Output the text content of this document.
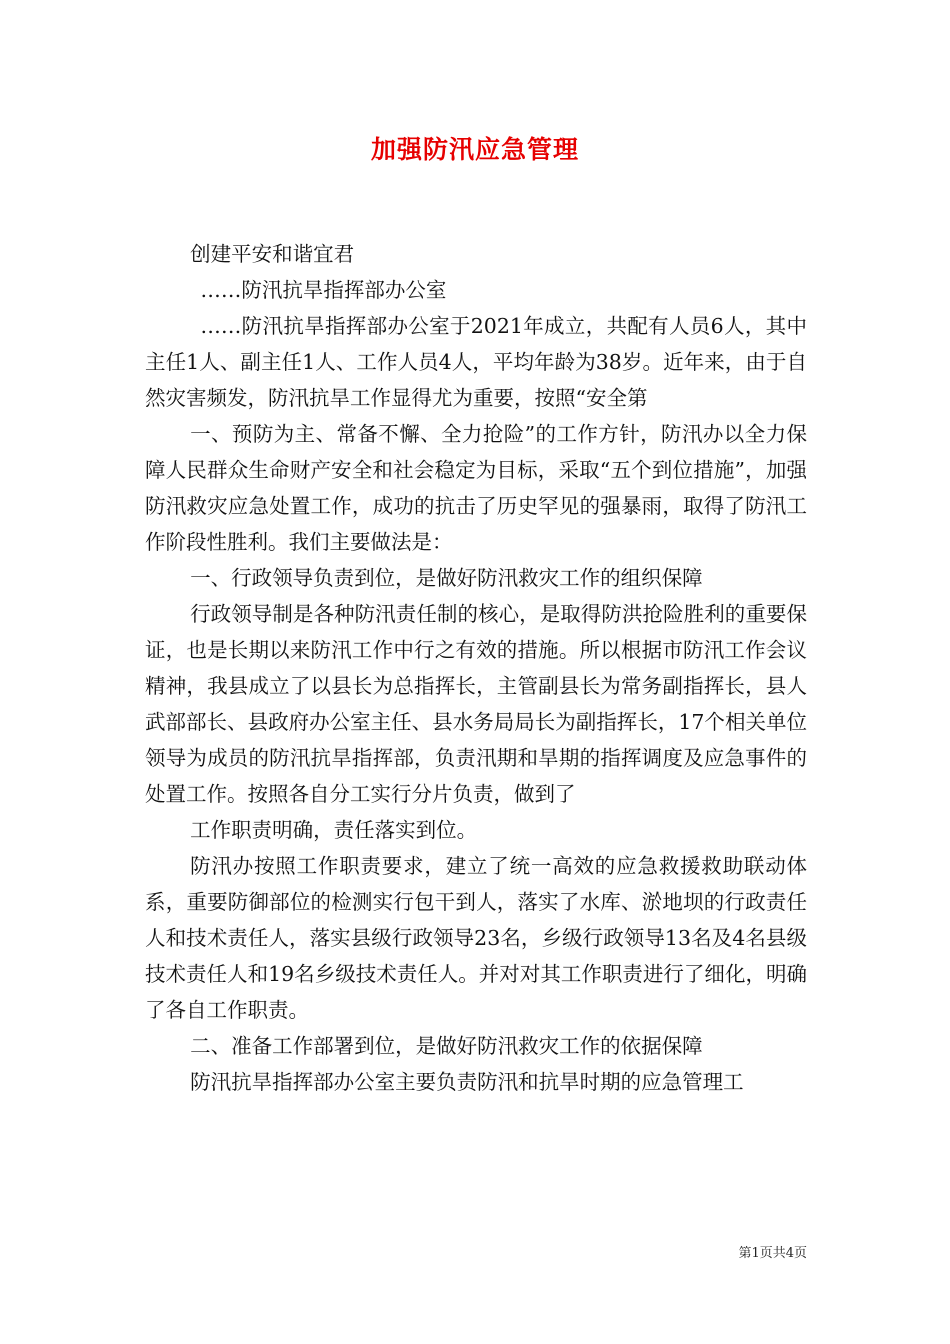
加强防汛应急管理

创建平安和谐宜君

……防汛抗旱指挥部办公室

……防汛抗旱指挥部办公室于2021年成立，共配有人员6人，其中主任1人、副主任1人、工作人员4人，平均年龄为38岁。近年来，由于自然灾害频发，防汛抗旱工作显得尤为重要，按照“安全第

一、预防为主、常备不懈、全力抢险”的工作方针，防汛办以全力保障人民群众生命财产安全和社会稳定为目标，采取“五个到位措施”，加强防汛救灾应急处置工作，成功的抗击了历史罕见的强暴雨，取得了防汛工作阶段性胜利。我们主要做法是：

一、行政领导负责到位，是做好防汛救灾工作的组织保障

行政领导制是各种防汛责任制的核心，是取得防洪抢险胜利的重要保证，也是长期以来防汛工作中行之有效的措施。所以根据市防汛工作会议精神，我县成立了以县长为总指挥长，主管副县长为常务副指挥长，县人武部部长、县政府办公室主任、县水务局局长为副指挥长，17个相关单位领导为成员的防汛抗旱指挥部，负责汛期和旱期的指挥调度及应急事件的处置工作。按照各自分工实行分片负责，做到了

工作职责明确，责任落实到位。

防汛办按照工作职责要求，建立了统一高效的应急救援救助联动体系，重要防御部位的检测实行包干到人，落实了水库、淤地坝的行政责任人和技术责任人，落实县级行政领导23名，乡级行政领导13名及4名县级技术责任人和19名乡级技术责任人。并对对其工作职责进行了细化，明确了各自工作职责。

二、准备工作部署到位，是做好防汛救灾工作的依据保障

防汛抗旱指挥部办公室主要负责防汛和抗旱时期的应急管理工

第1页共4页
